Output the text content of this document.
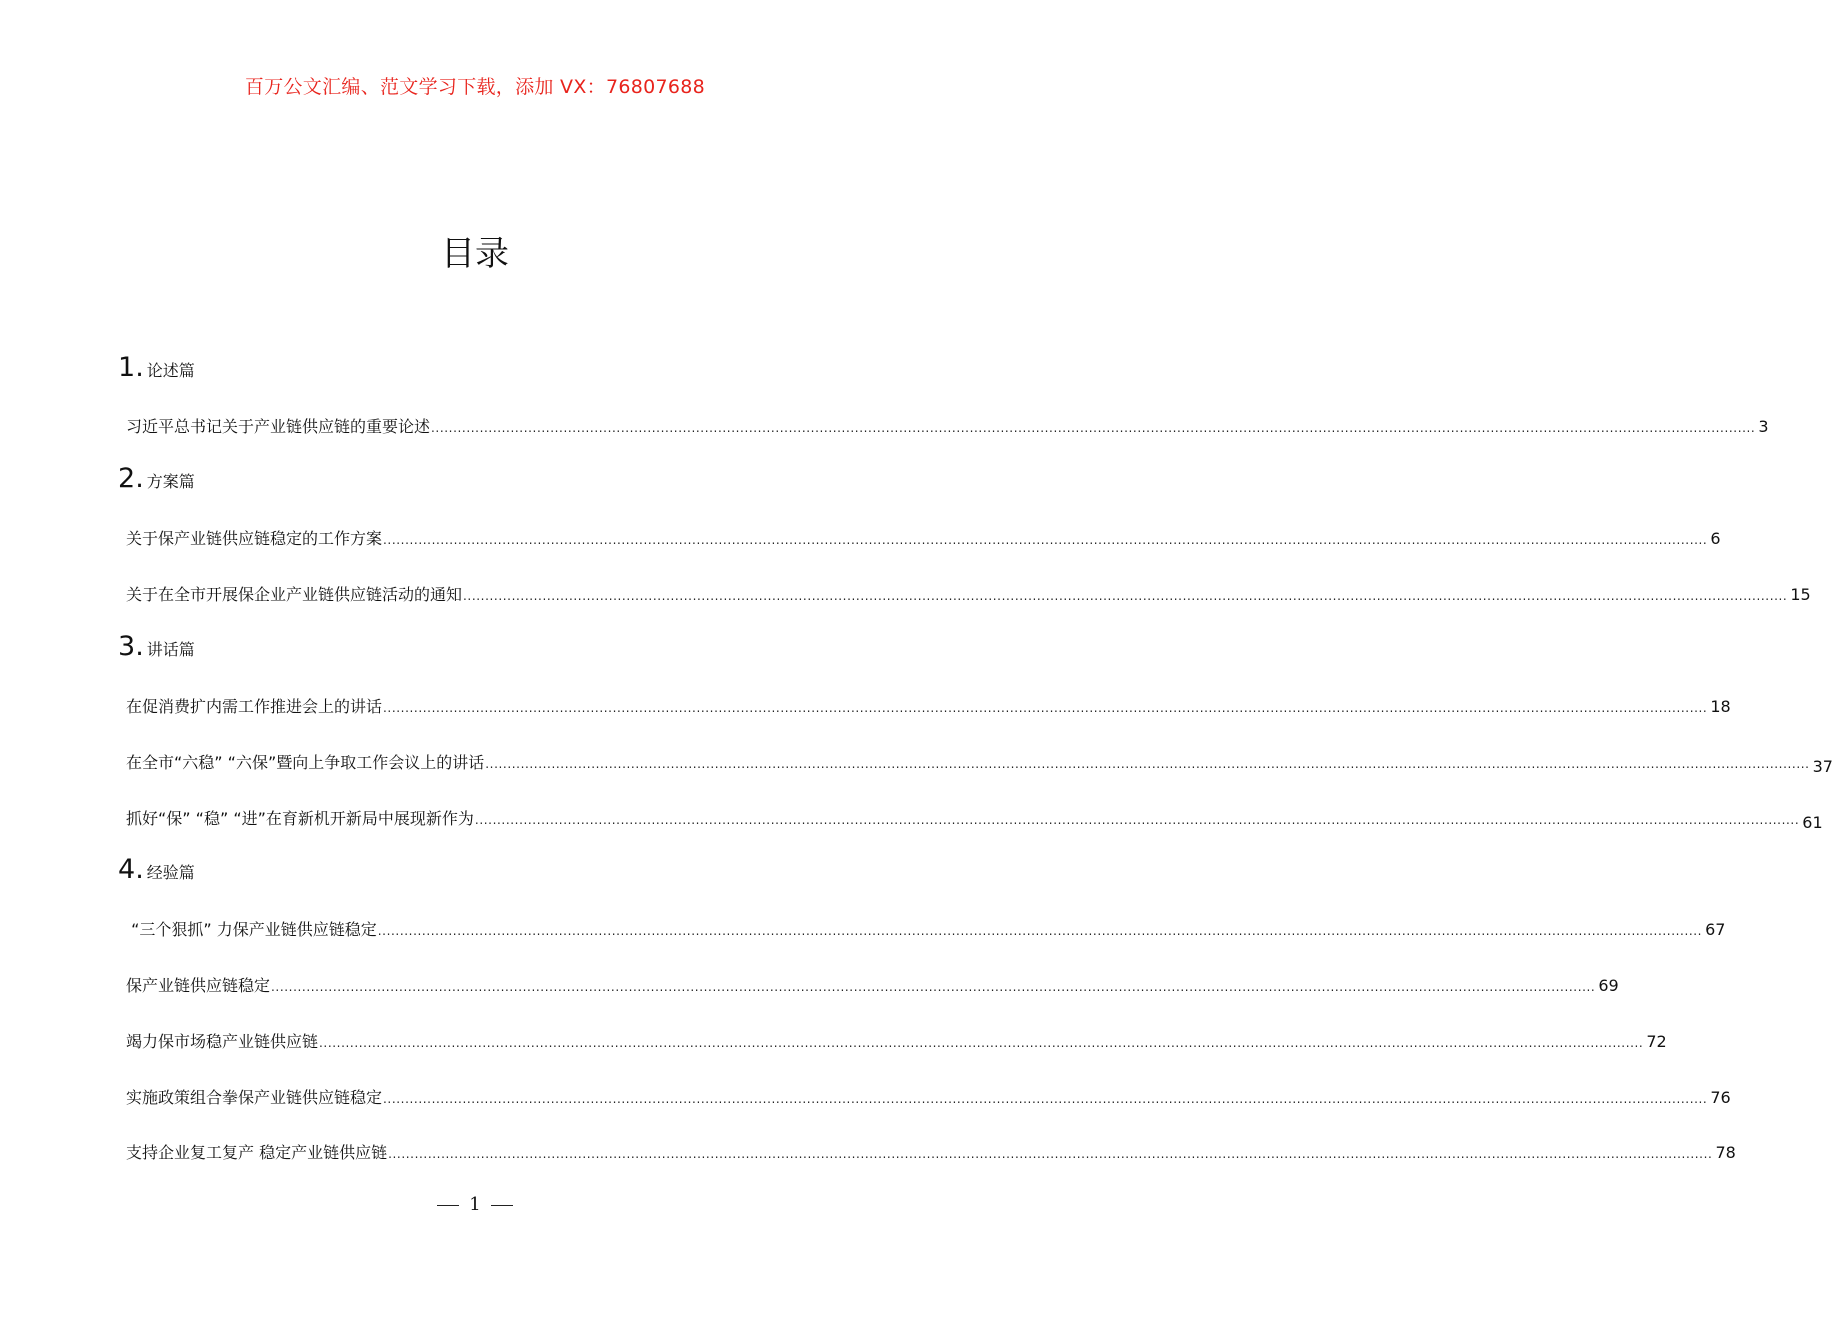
百万公文汇编、范文学习下载，添加 VX：76807688
目录
1 . 论述篇
习近平总书记关于产业链供应链的重要论述 ............................................................................................................................................................................................................................................................................................................ 3
2 . 方案篇
关于保产业链供应链稳定的工作方案 ............................................................................................................................................................................................................................................................................................................ 6
关于在全市开展保企业产业链供应链活动的通知 ............................................................................................................................................................................................................................................................................................................ 15
3 . 讲话篇
在促消费扩内需工作推进会上的讲话 ............................................................................................................................................................................................................................................................................................................ 18
在全市“六稳” “六保”暨向上争取工作会议上的讲话 ............................................................................................................................................................................................................................................................................................................ 37
抓好“保” “稳” “进”在育新机开新局中展现新作为 ............................................................................................................................................................................................................................................................................................................ 61
4 . 经验篇
“三个狠抓” 力保产业链供应链稳定 ............................................................................................................................................................................................................................................................................................................ 67
保产业链供应链稳定 ............................................................................................................................................................................................................................................................................................................ 69
竭力保市场稳产业链供应链 ............................................................................................................................................................................................................................................................................................................ 72
实施政策组合拳保产业链供应链稳定 ............................................................................................................................................................................................................................................................................................................ 76
支持企业复工复产 稳定产业链供应链 ............................................................................................................................................................................................................................................................................................................ 78
1
